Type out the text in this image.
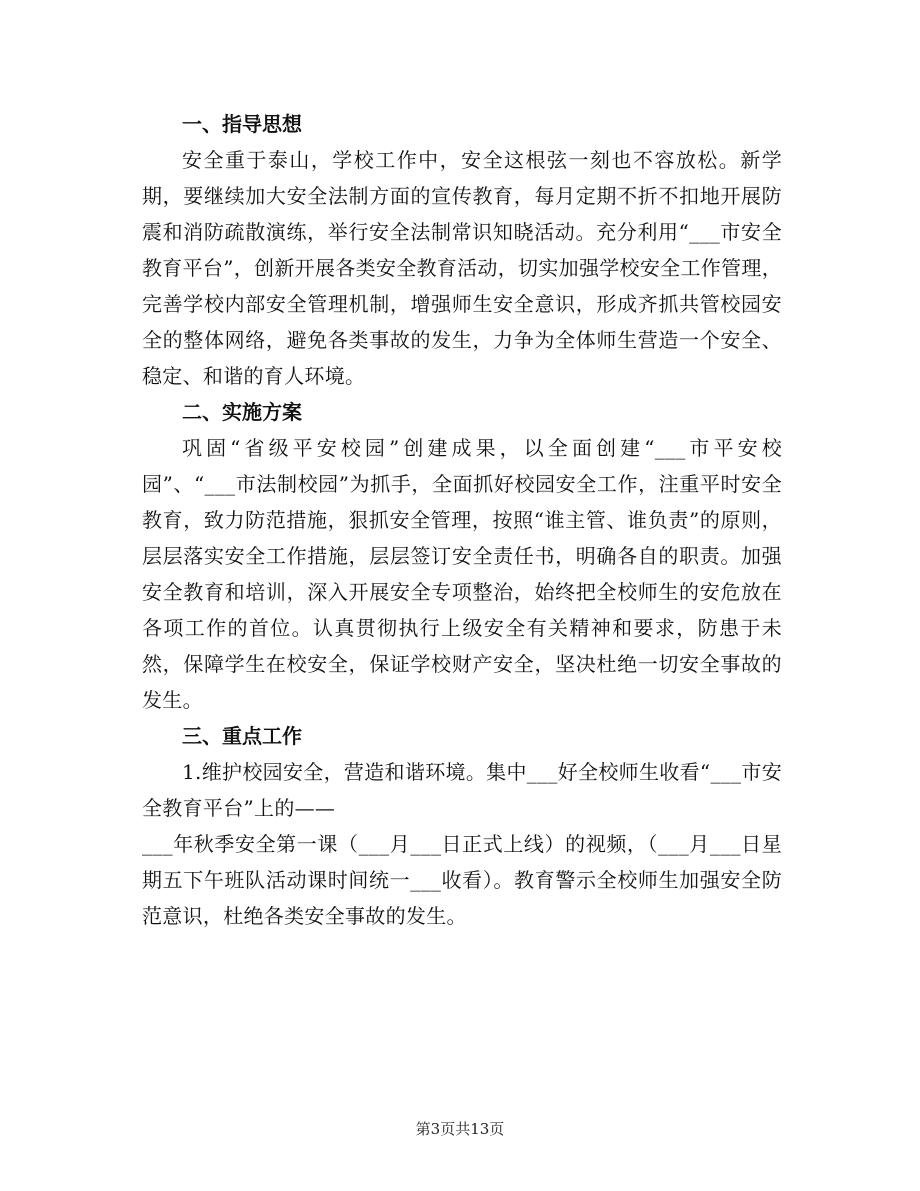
一、指导思想

安全重于泰山，学校工作中，安全这根弦一刻也不容放松。新学期，要继续加大安全法制方面的宣传教育，每月定期不折不扣地开展防震和消防疏散演练，举行安全法制常识知晓活动。充分利用“___市安全教育平台”，创新开展各类安全教育活动，切实加强学校安全工作管理，完善学校内部安全管理机制，增强师生安全意识，形成齐抓共管校园安全的整体网络，避免各类事故的发生，力争为全体师生营造一个安全、稳定、和谐的育人环境。

二、实施方案

巩固“省级平安校园”创建成果，以全面创建“___市平安校园”、“___市法制校园”为抓手，全面抓好校园安全工作，注重平时安全教育，致力防范措施，狠抓安全管理，按照“谁主管、谁负责”的原则，层层落实安全工作措施，层层签订安全责任书，明确各自的职责。加强安全教育和培训，深入开展安全专项整治，始终把全校师生的安危放在各项工作的首位。认真贯彻执行上级安全有关精神和要求，防患于未然，保障学生在校安全，保证学校财产安全，坚决杜绝一切安全事故的发生。

三、重点工作

1.维护校园安全，营造和谐环境。集中___好全校师生收看“___市安全教育平台”上的——

___年秋季安全第一课（___月___日正式上线）的视频，（___月___日星期五下午班队活动课时间统一___收看）。教育警示全校师生加强安全防范意识，杜绝各类安全事故的发生。

第3页共13页
